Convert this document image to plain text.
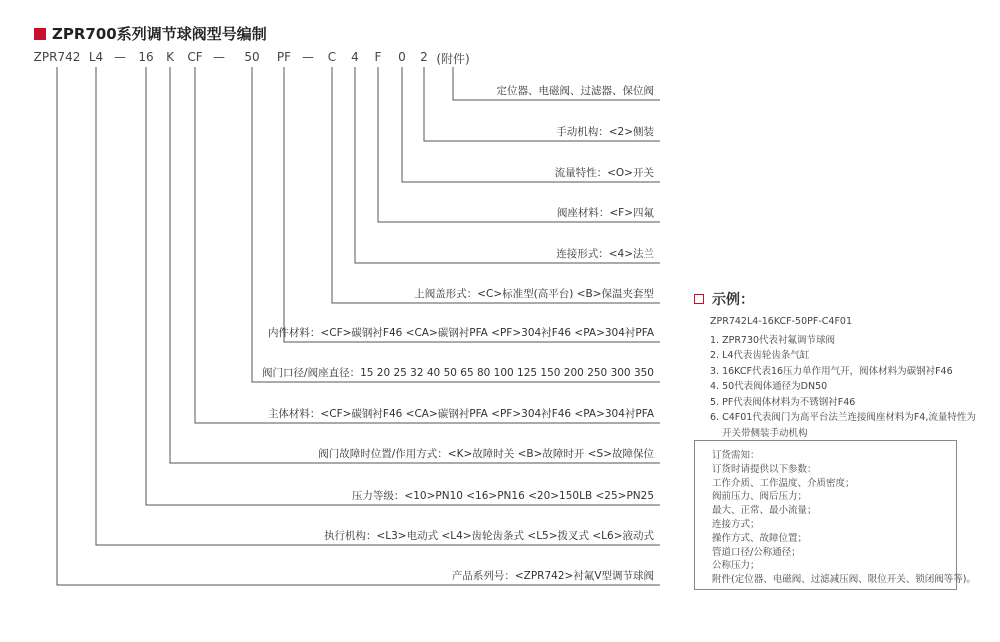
ZPR700系列调节球阀型号编制
ZPR742 L4 — 16 K CF — 50 PF — C 4 F 0 2 (附件)
定位器、电磁阀、过滤器、保位阀
手动机构：<2>侧装
流量特性：<O>开关
阀座材料：<F>四氟
连接形式：<4>法兰
上阀盖形式：<C>标准型(高平台) <B>保温夹套型
内件材料：<CF>碳钢衬F46 <CA>碳钢衬PFA <PF>304衬F46 <PA>304衬PFA
阀门口径/阀座直径：15 20 25 32 40 50 65 80 100 125 150 200 250 300 350
主体材料：<CF>碳钢衬F46 <CA>碳钢衬PFA <PF>304衬F46 <PA>304衬PFA
阀门故障时位置/作用方式：<K>故障时关 <B>故障时开 <S>故障保位
压力等级：<10>PN10 <16>PN16 <20>150LB <25>PN25
执行机构：<L3>电动式 <L4>齿轮齿条式 <L5>拨叉式 <L6>液动式
产品系列号：<ZPR742>衬氟V型调节球阀
示例：
ZPR742L4-16KCF-50PF-C4F01
1. ZPR730代表衬氟调节球阀
2. L4代表齿轮齿条气缸
3. 16KCF代表16压力单作用气开，阀体材料为碳钢衬F46
4. 50代表阀体通径为DN50
5. PF代表阀体材料为不锈钢衬F46
6. C4F01代表阀门为高平台法兰连接阀座材料为F4,流量特性为
开关带侧装手动机构
订货需知：
订货时请提供以下参数：
工作介质、工作温度、介质密度；
阀前压力、阀后压力；
最大、正常、最小流量；
连接方式；
操作方式、故障位置；
管道口径/公称通径；
公称压力；
附件(定位器、电磁阀、过滤减压阀、限位开关、锁闭阀等等)。
